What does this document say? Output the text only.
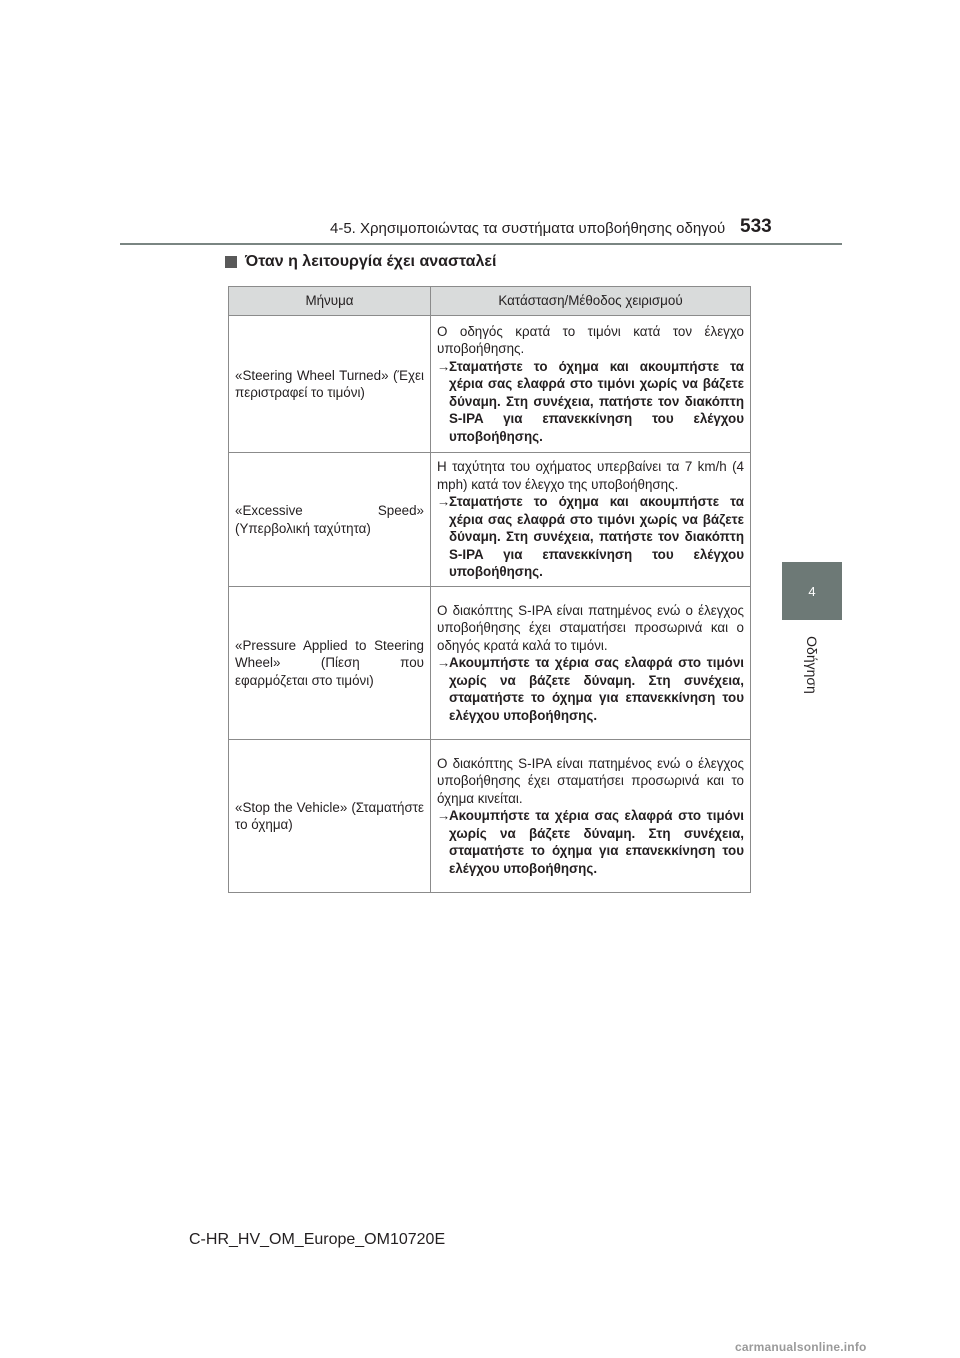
4-5. Χρησιμοποιώντας τα συστήματα υποβοήθησης οδηγού 533
4
Οδήγηση
Όταν η λειτουργία έχει ανασταλεί
Μήνυμα	Κατάσταση/Μέθοδος χειρισμού
«Steering Wheel Turned» (Έχει περιστραφεί το τιμόνι)	Ο οδηγός κρατά το τιμόνι κατά τον έλεγχο υποβοήθησης.
→
Σταματήστε το όχημα και ακουμπήστε τα χέρια σας ελαφρά στο τιμόνι χωρίς να βάζετε δύναμη. Στη συνέχεια, πατήστε τον διακόπτη S-IPA για επανεκκίνηση του ελέγχου υποβοήθησης.

«Excessive Speed» (Υπερβολική ταχύτητα)	Η ταχύτητα του οχήματος υπερβαίνει τα 7 km/h (4 mph) κατά τον έλεγχο της υποβοήθησης.
→
Σταματήστε το όχημα και ακουμπήστε τα χέρια σας ελαφρά στο τιμόνι χωρίς να βάζετε δύναμη. Στη συνέχεια, πατήστε τον διακόπτη S-IPA για επανεκκίνηση του ελέγχου υποβοήθησης.

«Pressure Applied to Steering Wheel» (Πίεση που εφαρμόζεται στο τιμόνι)	Ο διακόπτης S-IPA είναι πατημένος ενώ ο έλεγχος υποβοήθησης έχει σταματήσει προσωρινά και ο οδηγός κρατά καλά το τιμόνι.
→
Ακουμπήστε τα χέρια σας ελαφρά στο τιμόνι χωρίς να βάζετε δύναμη. Στη συνέχεια, σταματήστε το όχημα για επανεκκίνηση του ελέγχου υποβοήθησης.

«Stop the Vehicle» (Σταματήστε το όχημα)	Ο διακόπτης S-IPA είναι πατημένος ενώ ο έλεγχος υποβοήθησης έχει σταματήσει προσωρινά και το όχημα κινείται.
→
Ακουμπήστε τα χέρια σας ελαφρά στο τιμόνι χωρίς να βάζετε δύναμη. Στη συνέχεια, σταματήστε το όχημα για επανεκκίνηση του ελέγχου υποβοήθησης.
C-HR_HV_OM_Europe_OM10720E
carmanualsonline.info
